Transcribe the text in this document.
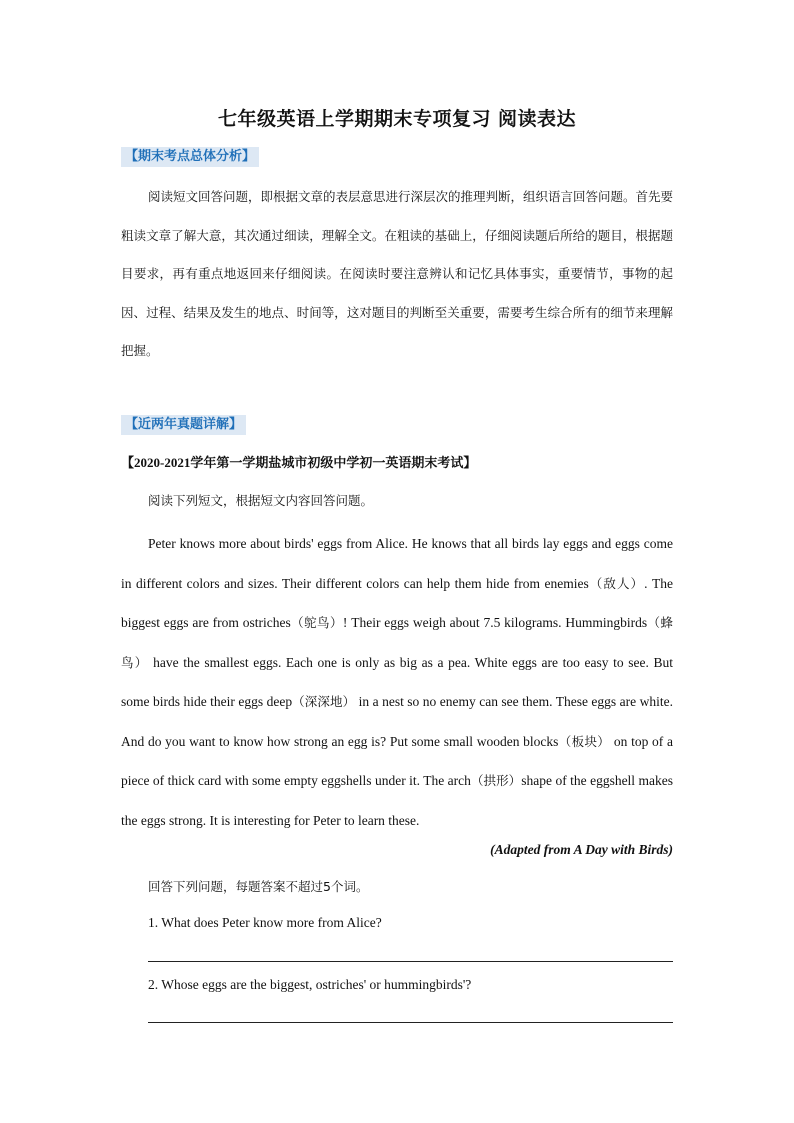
七年级英语上学期期末专项复习 阅读表达
【期末考点总体分析】
阅读短文回答问题，即根据文章的表层意思进行深层次的推理判断，组织语言回答问题。首先要粗读文章了解大意，其次通过细读，理解全文。在粗读的基础上，仔细阅读题后所给的题目，根据题目要求，再有重点地返回来仔细阅读。在阅读时要注意辨认和记忆具体事实，重要情节，事物的起因、过程、结果及发生的地点、时间等，这对题目的判断至关重要，需要考生综合所有的细节来理解把握。
【近两年真题详解】
【2020-2021学年第一学期盐城市初级中学初一英语期末考试】
阅读下列短文，根据短文内容回答问题。
Peter knows more about birds' eggs from Alice. He knows that all birds lay eggs and eggs come in different colors and sizes. Their different colors can help them hide from enemies（敌人）. The biggest eggs are from ostriches（鸵鸟）! Their eggs weigh about 7.5 kilograms. Hummingbirds（蜂鸟） have the smallest eggs. Each one is only as big as a pea. White eggs are too easy to see. But some birds hide their eggs deep（深深地） in a nest so no enemy can see them. These eggs are white. And do you want to know how strong an egg is? Put some small wooden blocks（板块） on top of a piece of thick card with some empty eggshells under it. The arch（拱形）shape of the eggshell makes the eggs strong. It is interesting for Peter to learn these.
(Adapted from A Day with Birds)
回答下列问题，每题答案不超过5个词。
1. What does Peter know more from Alice?
2. Whose eggs are the biggest, ostriches' or hummingbirds'?
